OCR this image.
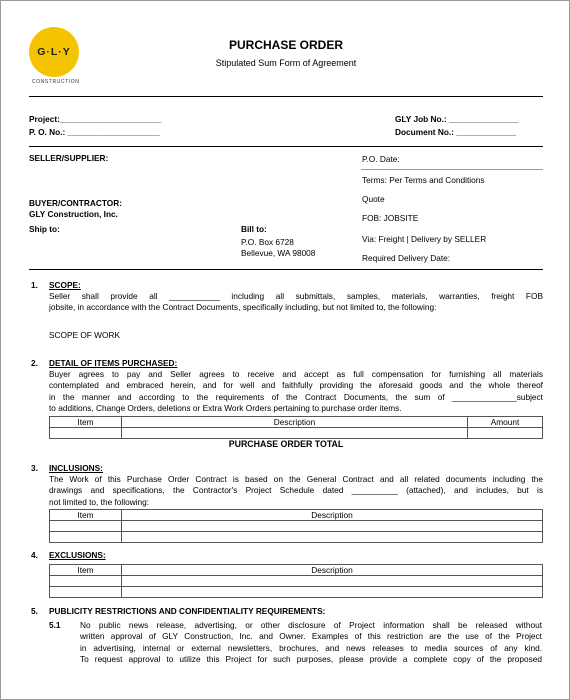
G·L·Y
CONSTRUCTION
PURCHASE ORDER
Stipulated Sum Form of Agreement
Project:______________________
P. O. No.: ____________________
GLY Job No.: _______________
Document No.: _____________
SELLER/SUPPLIER:	P.O. Date:
Terms: Per Terms and Conditions
Quote
FOB: JOBSITE
Via: Freight | Delivery by SELLER
Required Delivery Date:
BUYER/CONTRACTOR:
GLY Construction, Inc.
Ship to:	Bill to:
P.O. Box 6728
Bellevue, WA 98008
1. SCOPE:
Seller shall provide all ___________ including all submittals, samples, materials, warranties, freight FOB
jobsite, in accordance with the Contract Documents, specifically including, but not limited to, the following:
SCOPE OF WORK
2. DETAIL OF ITEMS PURCHASED:
Buyer agrees to pay and Seller agrees to receive and accept as full compensation for furnishing all materials
contemplated and embraced herein, and for well and faithfully providing the aforesaid goods and the whole thereof
in the manner and according to the requirements of the Contract Documents, the sum of ______________subject
to additions, Change Orders, deletions or Extra Work Orders pertaining to purchase order items.
Item	Description	Amount

PURCHASE ORDER TOTAL
3. INCLUSIONS:
The Work of this Purchase Order Contract is based on the General Contract and all related documents including the
drawings and specifications, the Contractor's Project Schedule dated __________ (attached), and includes, but is
not limited to, the following:
Item	Description

4. EXCLUSIONS:
Item	Description

5. PUBLICITY RESTRICTIONS AND CONFIDENTIALITY REQUIREMENTS:
5.1 No public news release, advertising, or other disclosure of Project information shall be released without
written approval of GLY Construction, Inc. and Owner. Examples of this restriction are the use of the Project
in advertising, internal or external newsletters, brochures, and news releases to media sources of any kind.
To request approval to utilize this Project for such purposes, please provide a complete copy of the proposed
